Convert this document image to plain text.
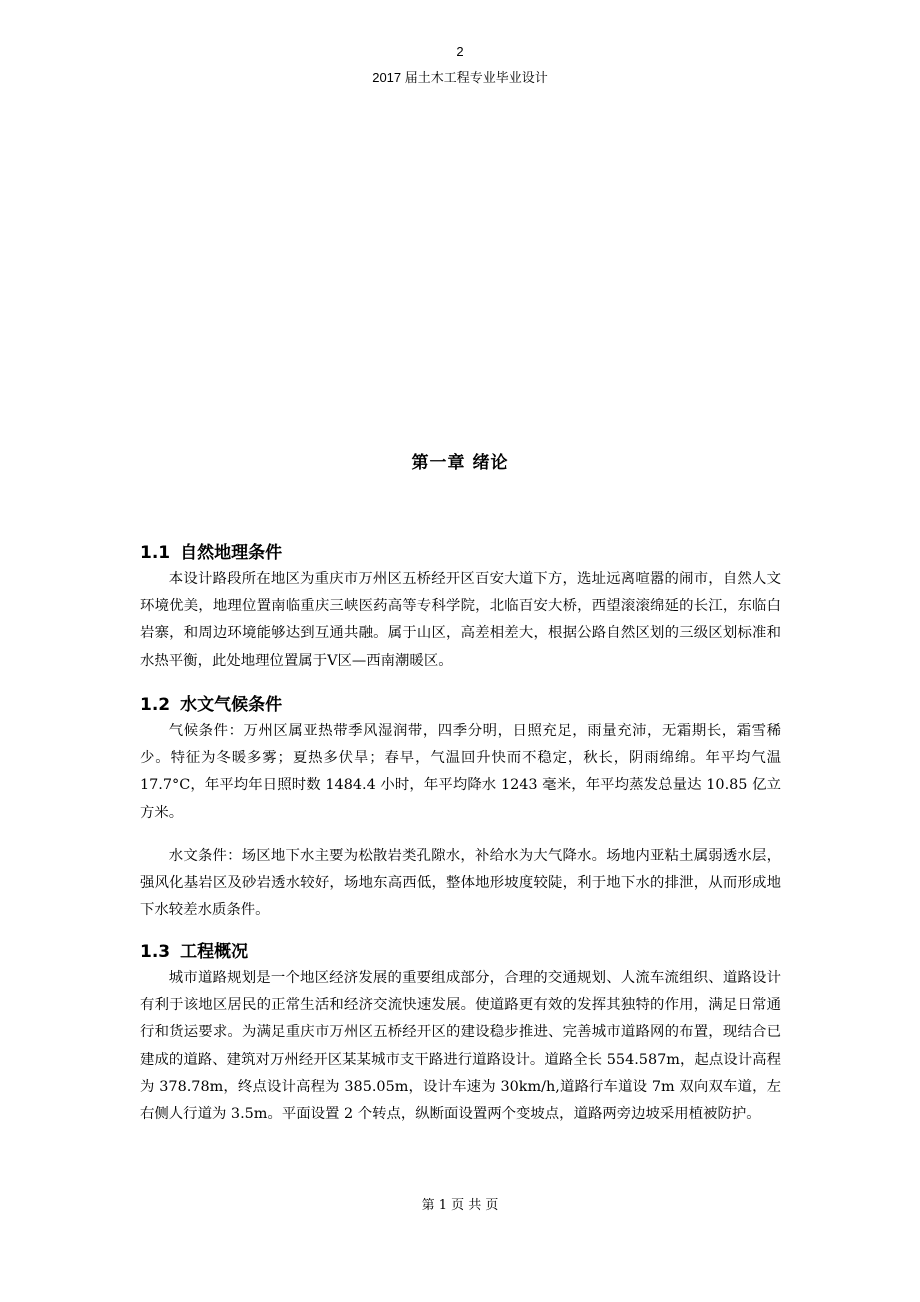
2
2017 届土木工程专业毕业设计
第一章 绪论
1.1 自然地理条件

本设计路段所在地区为重庆市万州区五桥经开区百安大道下方，选址远离喧嚣的闹市，自然人文环境优美，地理位置南临重庆三峡医药高等专科学院，北临百安大桥，西望滚滚绵延的长江，东临白岩寨，和周边环境能够达到互通共融。属于山区，高差相差大，根据公路自然区划的三级区划标准和水热平衡，此处地理位置属于Ⅴ区—西南潮暖区。

1.2 水文气候条件

气候条件：万州区属亚热带季风湿润带，四季分明，日照充足，雨量充沛，无霜期长，霜雪稀少。特征为冬暖多雾；夏热多伏旱；春早，气温回升快而不稳定，秋长，阴雨绵绵。年平均气温 17.7°C，年平均年日照时数 1484.4 小时，年平均降水 1243 毫米，年平均蒸发总量达 10.85 亿立方米。

水文条件：场区地下水主要为松散岩类孔隙水，补给水为大气降水。场地内亚粘土属弱透水层，强风化基岩区及砂岩透水较好，场地东高西低，整体地形坡度较陡，利于地下水的排泄，从而形成地下水较差水质条件。

1.3 工程概况

城市道路规划是一个地区经济发展的重要组成部分，合理的交通规划、人流车流组织、道路设计有利于该地区居民的正常生活和经济交流快速发展。使道路更有效的发挥其独特的作用，满足日常通行和货运要求。为满足重庆市万州区五桥经开区的建设稳步推进、完善城市道路网的布置，现结合已建成的道路、建筑对万州经开区某某城市支干路进行道路设计。道路全长 554.587m，起点设计高程为 378.78m，终点设计高程为 385.05m，设计车速为 30km/h,道路行车道设 7m 双向双车道，左右侧人行道为 3.5m。平面设置 2 个转点，纵断面设置两个变坡点，道路两旁边坡采用植被防护。

第 1 页 共 页
